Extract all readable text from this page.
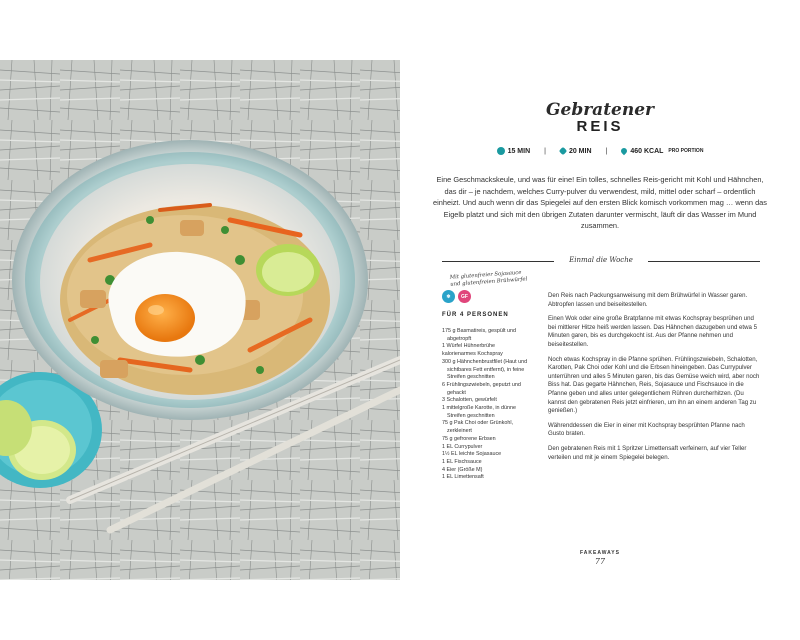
Gebratener
REIS
15 MIN |	20 MIN |	460 KCAL PRO PORTION
Eine Geschmackskeule, und was für eine! Ein tolles, schnelles Reis-gericht mit Kohl und Hähnchen, das dir – je nachdem, welches Curry-pulver du verwendest, mild, mittel oder scharf – ordentlich einheizt. Und auch wenn dir das Spiegelei auf den ersten Blick komisch vorkommen mag … wenn das Eigelb platzt und sich mit den übrigen Zutaten darunter vermischt, läuft dir das Wasser im Mund zusammen.
Einmal die Woche
Mit glutenfreier Sojasauce und glutenfreien Brühwürfel
❄	GF
FÜR 4 PERSONEN
175 g Basmatireis, gespült und abgetropft
1 Würfel Hühnerbrühe
kalorienarmes Kochspray
300 g Hähnchenbrustfilet (Haut und sichtbares Fett entfernt), in feine Streifen geschnitten
6 Frühlingszwiebeln, geputzt und gehackt
3 Schalotten, gewürfelt
1 mittelgroße Karotte, in dünne Streifen geschnitten
75 g Pak Choi oder Grünkohl, zerkleinert
75 g gefrorene Erbsen
1 EL Currypulver
1½ EL leichte Sojasauce
1 EL Fischsauce
4 Eier (Größe M)
1 EL Limettensaft

Den Reis nach Packungsanweisung mit dem Brühwürfel in Wasser garen. Abtropfen lassen und beiseitestellen.

Einen Wok oder eine große Bratpfanne mit etwas Kochspray besprühen und bei mittlerer Hitze heiß werden lassen. Das Hähnchen dazugeben und etwa 5 Minuten garen, bis es durchgekocht ist. Aus der Pfanne nehmen und beiseitestellen.

Noch etwas Kochspray in die Pfanne sprühen. Frühlingszwiebeln, Schalotten, Karotten, Pak Choi oder Kohl und die Erbsen hineingeben. Das Currypulver unterrühren und alles 5 Minuten garen, bis das Gemüse weich wird, aber noch Biss hat. Das gegarte Hähnchen, Reis, Sojasauce und Fischsauce in die Pfanne geben und alles unter gelegentlichem Rühren durcherhitzen. (Du kannst den gebratenen Reis jetzt einfrieren, um ihn an einem anderen Tag zu genießen.)

Währenddessen die Eier in einer mit Kochspray besprühten Pfanne nach Gusto braten.

Den gebratenen Reis mit 1 Spritzer Limettensaft verfeinern, auf vier Teller verteilen und mit je einem Spiegelei belegen.

FAKEAWAYS
77
